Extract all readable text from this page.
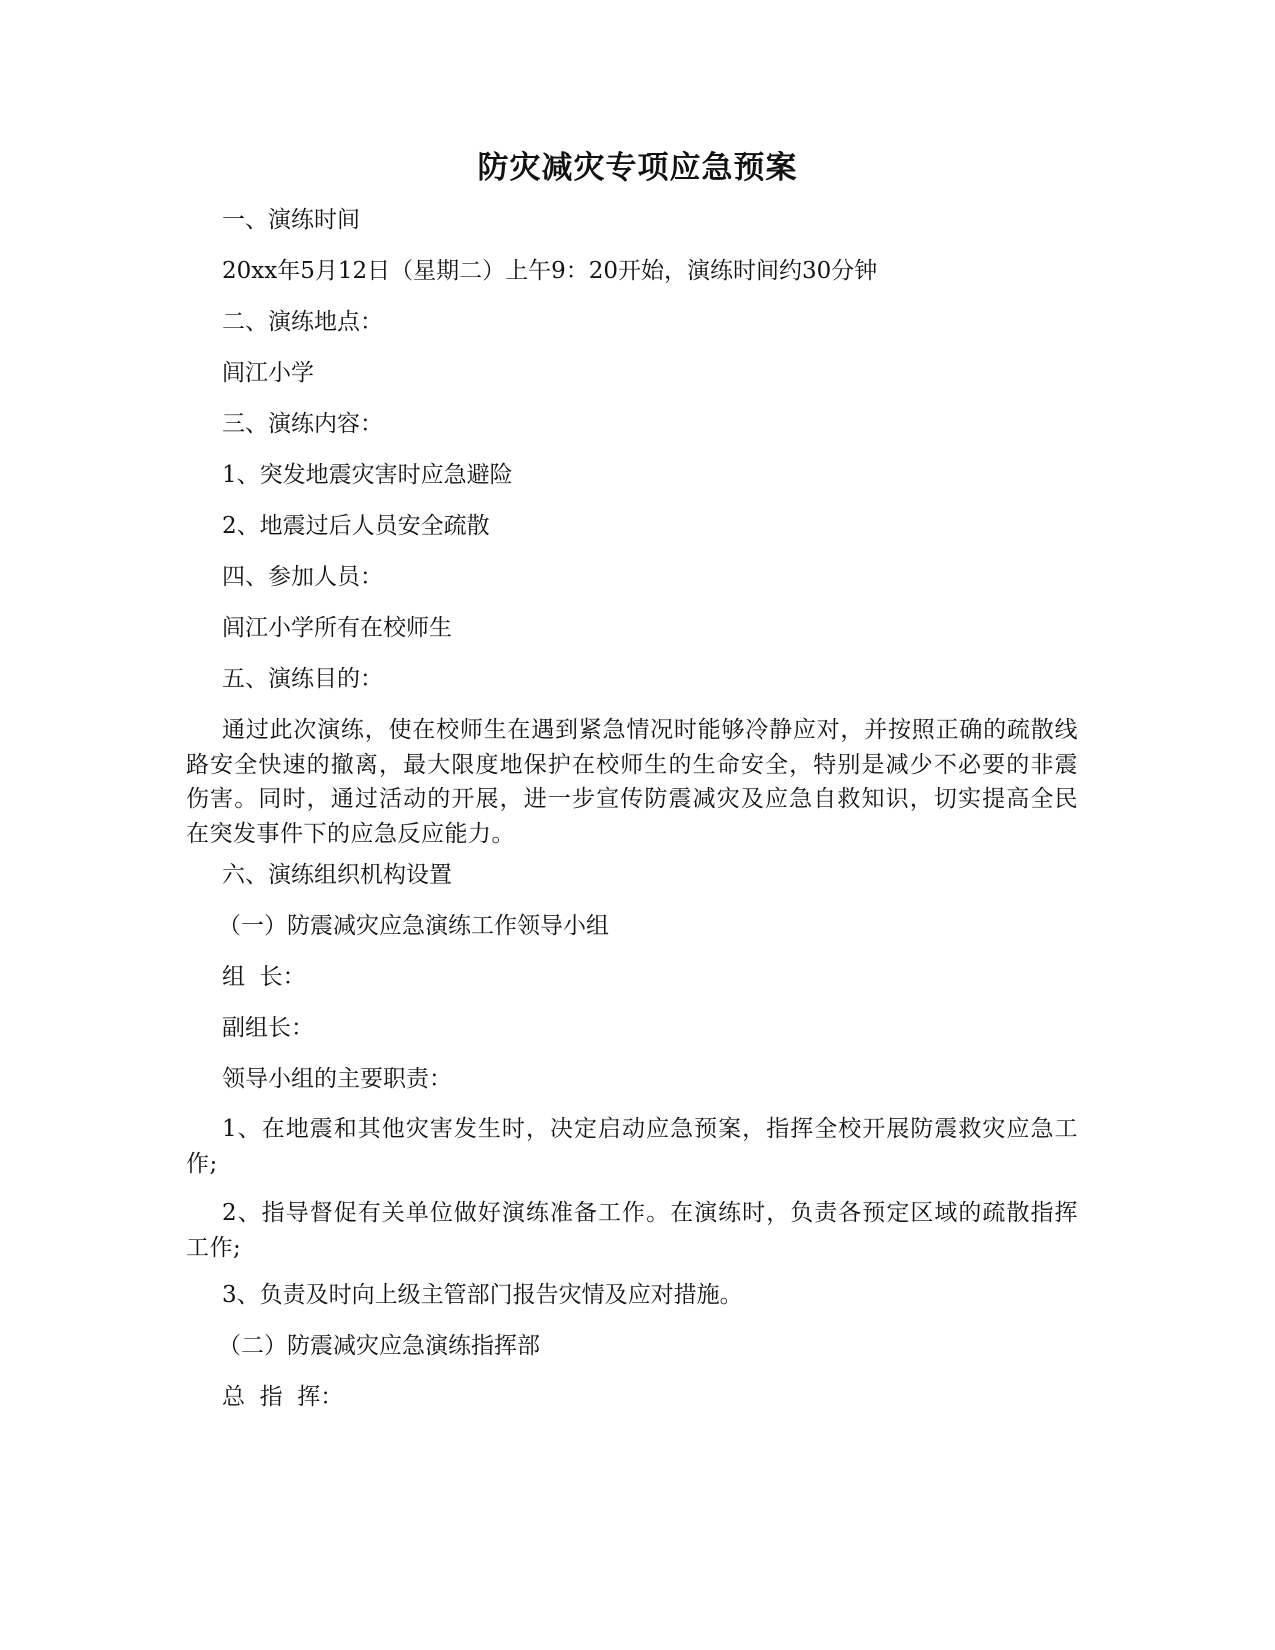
防灾减灾专项应急预案
一、演练时间
20xx年5月12日（星期二）上午9：20开始，演练时间约30分钟
二、演练地点：
闾江小学
三、演练内容：
1、突发地震灾害时应急避险
2、地震过后人员安全疏散
四、参加人员：
闾江小学所有在校师生
五、演练目的：
通过此次演练，使在校师生在遇到紧急情况时能够冷静应对，并按照正确的疏散线路安全快速的撤离，最大限度地保护在校师生的生命安全，特别是减少不必要的非震伤害。同时，通过活动的开展，进一步宣传防震减灾及应急自救知识，切实提高全民在突发事件下的应急反应能力。
六、演练组织机构设置
（一）防震减灾应急演练工作领导小组
组  长：
副组长：
领导小组的主要职责：
1、在地震和其他灾害发生时，决定启动应急预案，指挥全校开展防震救灾应急工作;
2、指导督促有关单位做好演练准备工作。在演练时，负责各预定区域的疏散指挥工作;
3、负责及时向上级主管部门报告灾情及应对措施。
（二）防震减灾应急演练指挥部
总  指  挥：
